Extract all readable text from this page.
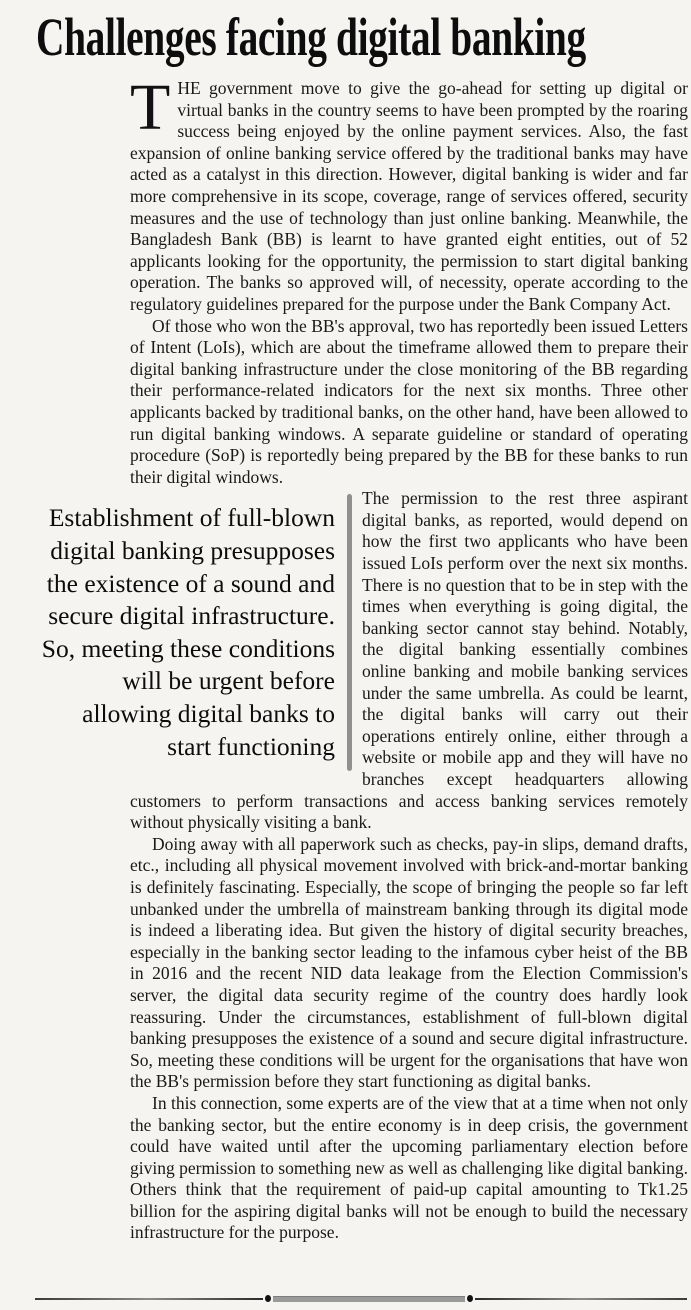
Challenges facing digital banking

THE government move to give the go-ahead for setting up digital or virtual banks in the country seems to have been prompted by the roaring success being enjoyed by the online payment services. Also, the fast expansion of online banking service offered by the traditional banks may have acted as a catalyst in this direction. However, digital banking is wider and far more comprehensive in its scope, coverage, range of services offered, security measures and the use of technology than just online banking. Meanwhile, the Bangladesh Bank (BB) is learnt to have granted eight entities, out of 52 applicants looking for the opportunity, the permission to start digital banking operation. The banks so approved will, of necessity, operate according to the regulatory guidelines prepared for the purpose under the Bank Company Act.

Of those who won the BB's approval, two has reportedly been issued Letters of Intent (LoIs), which are about the timeframe allowed them to prepare their digital banking infrastructure under the close monitoring of the BB regarding their performance-related indicators for the next six months. Three other applicants backed by traditional banks, on the other hand, have been allowed to run digital banking windows. A separate guideline or standard of operating procedure (SoP) is reportedly being prepared by the BB for these banks to run their digital windows.

Establishment of full-blown digital banking presupposes the existence of a sound and secure digital infrastructure. So, meeting these conditions will be urgent before allowing digital banks to start functioning
The permission to the rest three aspirant digital banks, as reported, would depend on how the first two applicants who have been issued LoIs perform over the next six months. There is no question that to be in step with the times when everything is going digital, the banking sector cannot stay behind. Notably, the digital banking essentially combines online banking and mobile banking services under the same umbrella. As could be learnt, the digital banks will carry out their operations entirely online, either through a website or mobile app and they will have no branches except headquarters allowing customers to perform transactions and access banking services remotely without physically visiting a bank.

Doing away with all paperwork such as checks, pay-in slips, demand drafts, etc., including all physical movement involved with brick-and-mortar banking is definitely fascinating. Especially, the scope of bringing the people so far left unbanked under the umbrella of mainstream banking through its digital mode is indeed a liberating idea. But given the history of digital security breaches, especially in the banking sector leading to the infamous cyber heist of the BB in 2016 and the recent NID data leakage from the Election Commission's server, the digital data security regime of the country does hardly look reassuring. Under the circumstances, establishment of full-blown digital banking presupposes the existence of a sound and secure digital infrastructure. So, meeting these conditions will be urgent for the organisations that have won the BB's permission before they start functioning as digital banks.

In this connection, some experts are of the view that at a time when not only the banking sector, but the entire economy is in deep crisis, the government could have waited until after the upcoming parliamentary election before giving permission to something new as well as challenging like digital banking. Others think that the requirement of paid-up capital amounting to Tk1.25 billion for the aspiring digital banks will not be enough to build the necessary infrastructure for the purpose.
